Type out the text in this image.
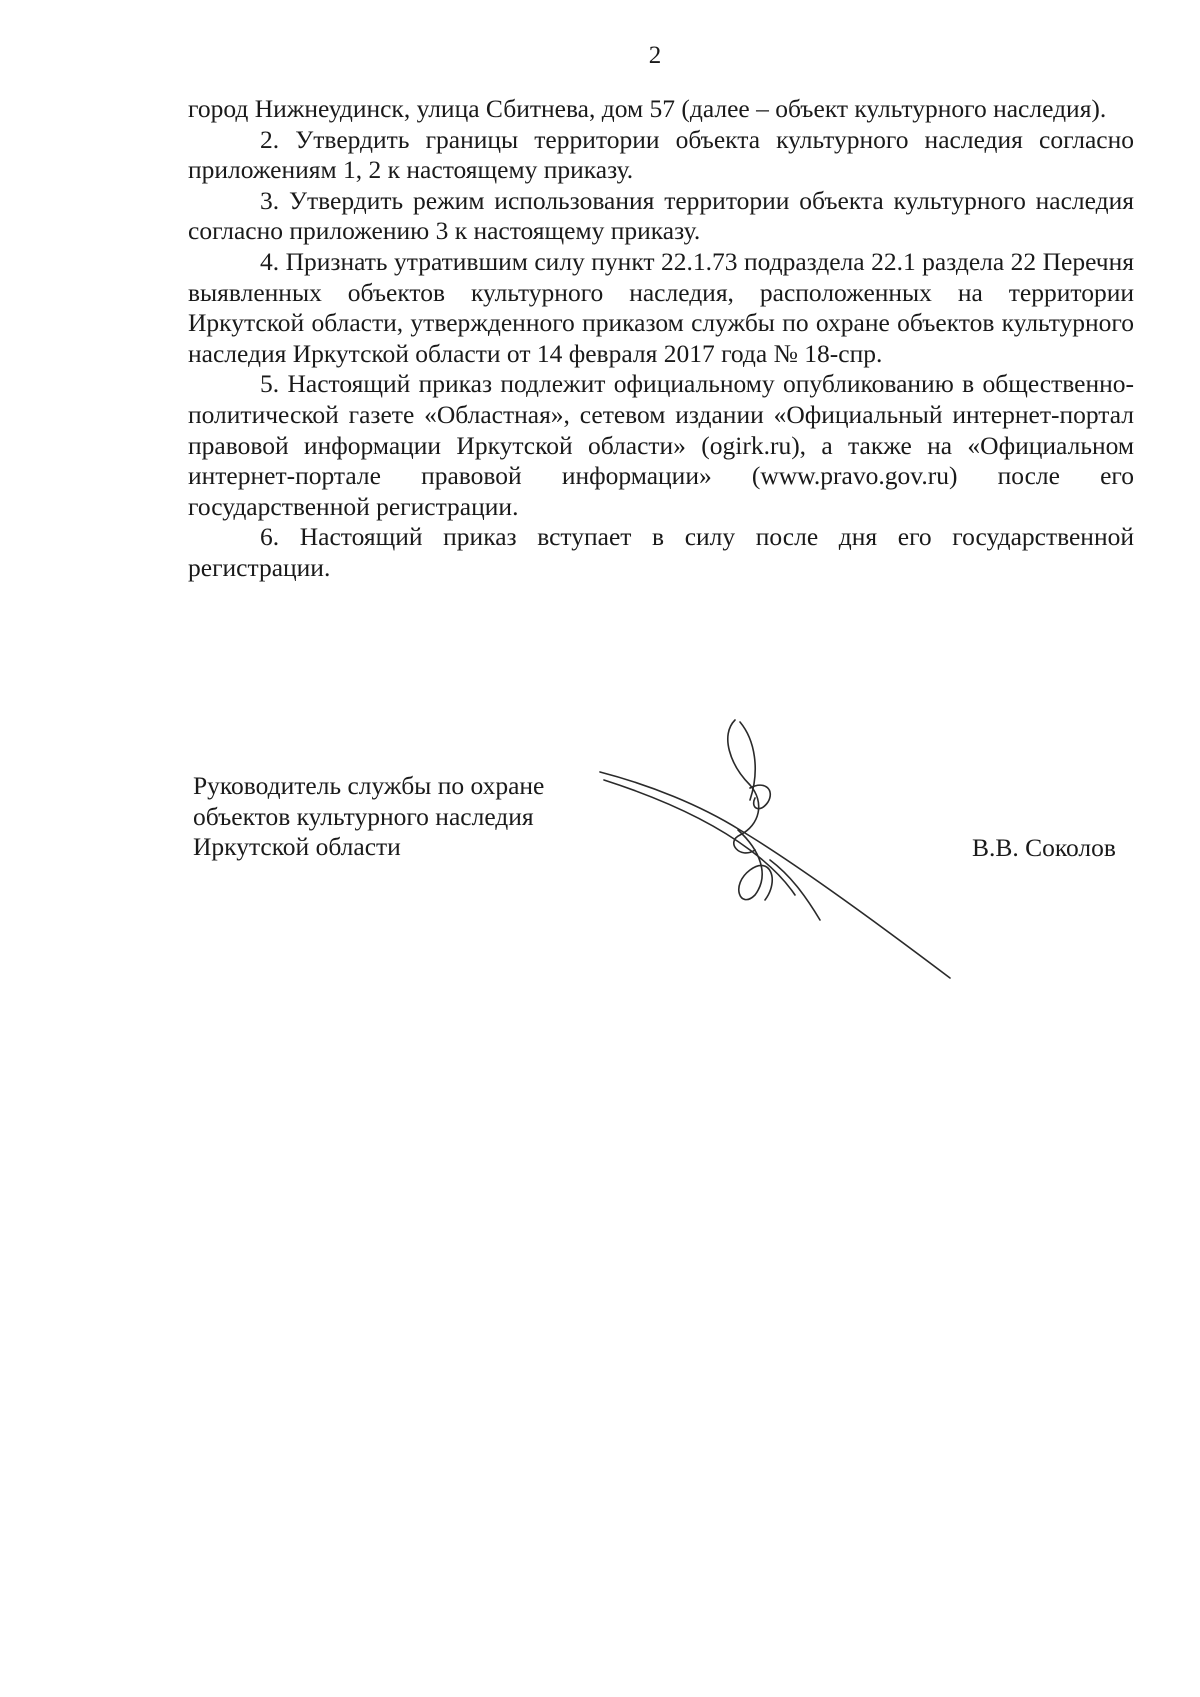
2

город Нижнеудинск, улица Сбитнева, дом 57 (далее – объект культурного наследия).

2. Утвердить границы территории объекта культурного наследия согласно приложениям 1, 2 к настоящему приказу.

3. Утвердить режим использования территории объекта культурного наследия согласно приложению 3 к настоящему приказу.

4. Признать утратившим силу пункт 22.1.73 подраздела 22.1 раздела 22 Перечня выявленных объектов культурного наследия, расположенных на территории Иркутской области, утвержденного приказом службы по охране объектов культурного наследия Иркутской области от 14 февраля 2017 года № 18-спр.

5. Настоящий приказ подлежит официальному опубликованию в общественно-политической газете «Областная», сетевом издании «Официальный интернет-портал правовой информации Иркутской области» (ogirk.ru), а также на «Официальном интернет-портале правовой информации» (www.pravo.gov.ru) после его государственной регистрации.

6. Настоящий приказ вступает в силу после дня его государственной регистрации.

Руководитель службы по охране
объектов культурного наследия
Иркутской области	В.В. Соколов
